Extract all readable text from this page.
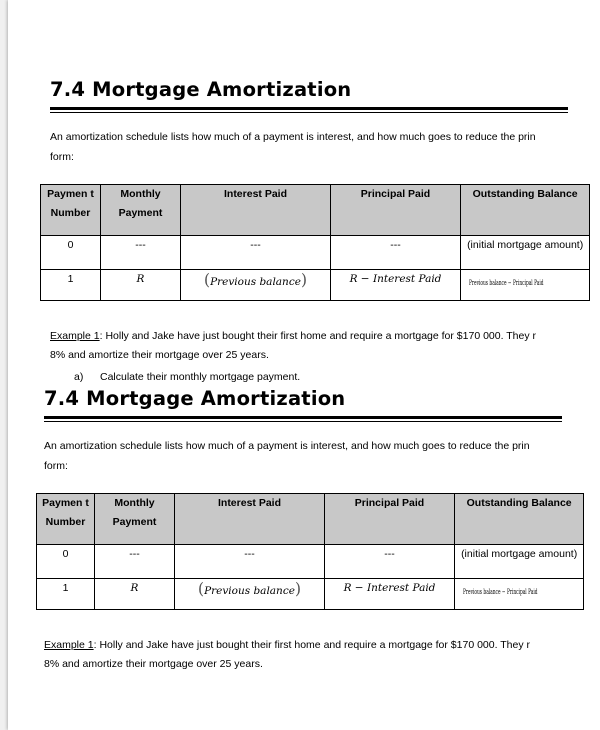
7.4 Mortgage Amortization
An amortization schedule lists how much of a payment is interest, and how much goes to reduce the prin
form:
Paymen t Number	Monthly Payment	Interest Paid	Principal Paid	Outstanding Balance
0	---	---	---	(initial mortgage amount)
1	R	(Previous balance)	R − Interest Paid	Previous balance − Principal Paid
Example 1: Holly and Jake have just bought their first home and require a mortgage for $170 000. They r
8% and amortize their mortgage over 25 years.
a) Calculate their monthly mortgage payment.
7.4 Mortgage Amortization
An amortization schedule lists how much of a payment is interest, and how much goes to reduce the prin
form:
Paymen t Number	Monthly Payment	Interest Paid	Principal Paid	Outstanding Balance
0	---	---	---	(initial mortgage amount)
1	R	(Previous balance)	R − Interest Paid	Previous balance − Principal Paid
Example 1: Holly and Jake have just bought their first home and require a mortgage for $170 000. They r
8% and amortize their mortgage over 25 years.
